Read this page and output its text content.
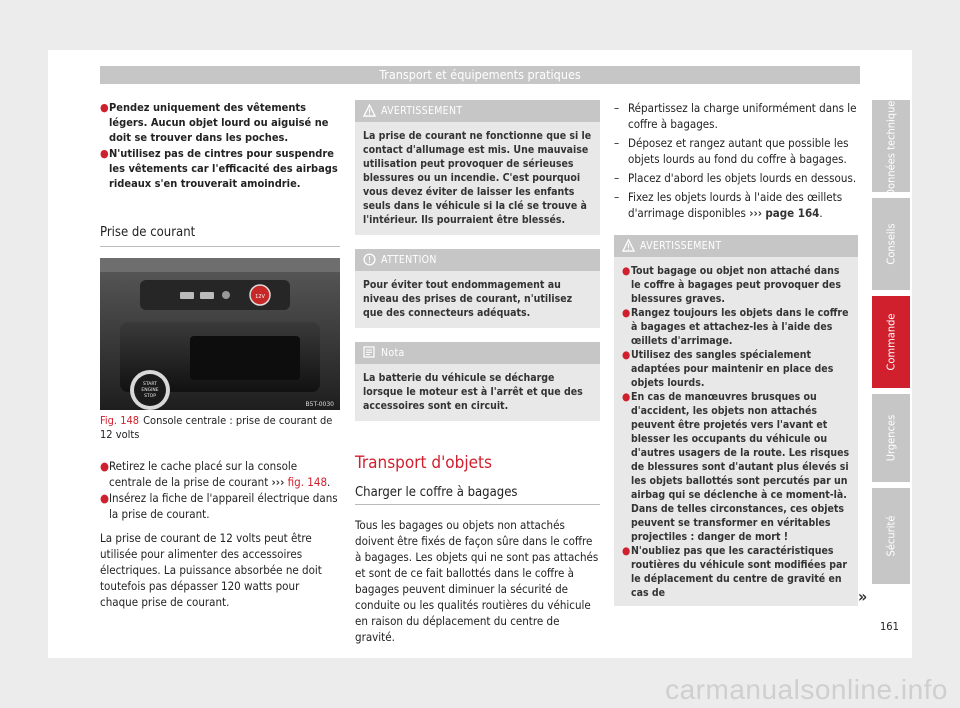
Transport et équipements pratiques
● Pendez uniquement des vêtements légers. Aucun objet lourd ou aiguisé ne doit se trouver dans les poches.
● N'utilisez pas de cintres pour suspendre les vêtements car l'efficacité des airbags rideaux s'en trouverait amoindrie.
Prise de courant
12V
START
ENGINE
STOP
B5T-0030
Fig. 148 Console centrale : prise de courant de 12 volts
● Retirez le cache placé sur la console centrale de la prise de courant ››› fig. 148.
● Insérez la fiche de l'appareil électrique dans la prise de courant.
La prise de courant de 12 volts peut être utilisée pour alimenter des accessoires électriques. La puissance absorbée ne doit toutefois pas dépasser 120 watts pour chaque prise de courant.
AVERTISSEMENT
La prise de courant ne fonctionne que si le contact d'allumage est mis. Une mauvaise utilisation peut provoquer de sérieuses blessures ou un incendie. C'est pourquoi vous devez éviter de laisser les enfants seuls dans le véhicule si la clé se trouve à l'intérieur. Ils pourraient être blessés.
ATTENTION
Pour éviter tout endommagement au niveau des prises de courant, n'utilisez que des connecteurs adéquats.
Nota
La batterie du véhicule se décharge lorsque le moteur est à l'arrêt et que des accessoires sont en circuit.
Transport d'objets
Charger le coffre à bagages
Tous les bagages ou objets non attachés doivent être fixés de façon sûre dans le coffre à bagages. Les objets qui ne sont pas attachés et sont de ce fait ballottés dans le coffre à bagages peuvent diminuer la sécurité de conduite ou les qualités routières du véhicule en raison du déplacement du centre de gravité.
– Répartissez la charge uniformément dans le coffre à bagages.
– Déposez et rangez autant que possible les objets lourds au fond du coffre à bagages.
– Placez d'abord les objets lourds en dessous.
– Fixez les objets lourds à l'aide des œillets d'arrimage disponibles ››› page 164.
AVERTISSEMENT
● Tout bagage ou objet non attaché dans le coffre à bagages peut provoquer des blessures graves.
● Rangez toujours les objets dans le coffre à bagages et attachez-les à l'aide des œillets d'arrimage.
● Utilisez des sangles spécialement adaptées pour maintenir en place des objets lourds.
● En cas de manœuvres brusques ou d'accident, les objets non attachés peuvent être projetés vers l'avant et blesser les occupants du véhicule ou d'autres usagers de la route. Les risques de blessures sont d'autant plus élevés si les objets ballottés sont percutés par un airbag qui se déclenche à ce moment-là. Dans de telles circonstances, ces objets peuvent se transformer en véritables projectiles : danger de mort !
● N'oubliez pas que les caractéristiques routières du véhicule sont modifiées par le déplacement du centre de gravité en cas de	»
Données techniques
Conseils
Commande
Urgences
Sécurité
161
carmanualsonline.info
